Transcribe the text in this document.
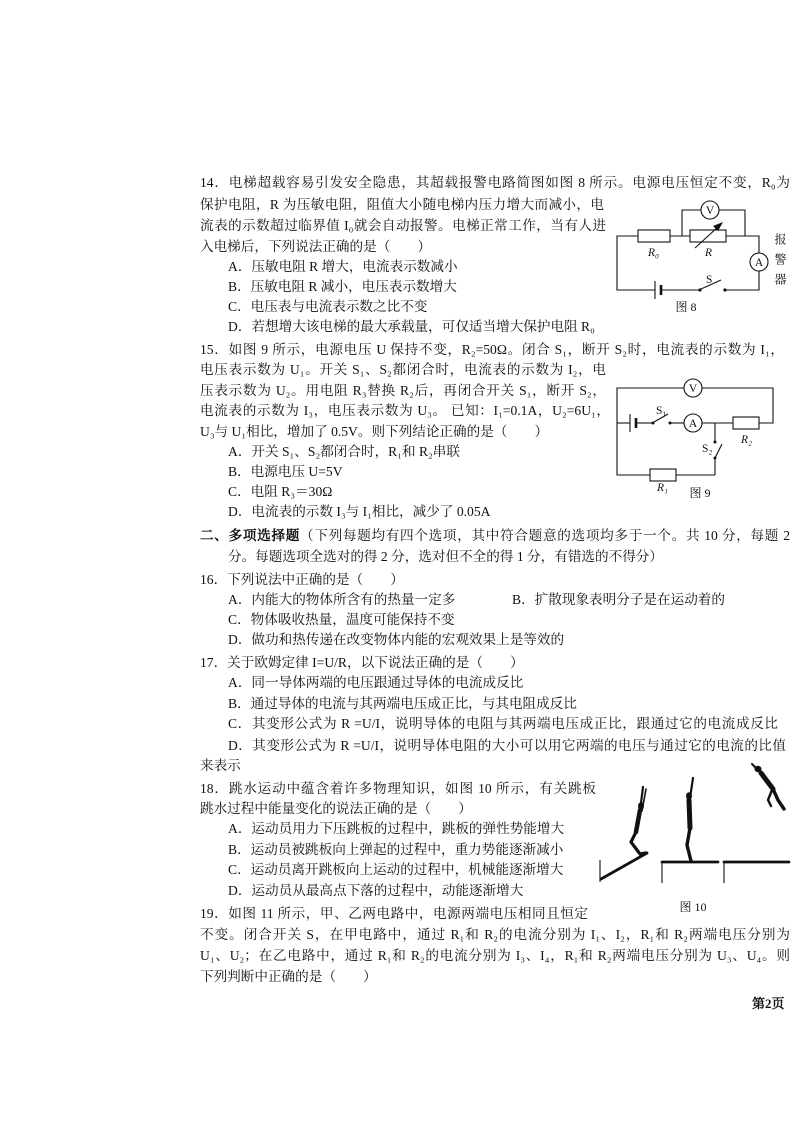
14．电梯超载容易引发安全隐患，其超载报警电路简图如图 8 所示。电源电压恒定不变，R₀为
保护电阻，R 为压敏电阻，阻值大小随电梯内压力增大而减小，电
流表的示数超过临界值 I₀就会自动报警。电梯正常工作，当有人进
入电梯后，下列说法正确的是（　　）
A．压敏电阻 R 增大，电流表示数减小
B．压敏电阻 R 减小，电压表示数增大
C．电压表与电流表示数之比不变
D．若想增大该电梯的最大承载量，可仅适当增大保护电阻 R₀
15．如图 9 所示，电源电压 U 保持不变，R₂=50Ω。闭合 S₁，断开 S₂时，电流表的示数为 I₁，
电压表示数为 U₁。开关 S₁、S₂都闭合时，电流表的示数为 I₂，电
压表示数为 U₂。用电阻 R₃替换 R₂后，再闭合开关 S₁，断开 S₂，
电流表的示数为 I₃，电压表示数为 U₃。 已知：I₁=0.1A，U₂=6U₁，
U₃与 U₁相比，增加了 0.5V。则下列结论正确的是（　　）
A．开关 S₁、S₂都闭合时，R₁和 R₂串联
B．电源电压 U=5V
C．电阻 R₃＝30Ω
D．电流表的示数 I₃与 I₁相比，减少了 0.05A
二、多项选择题（下列每题均有四个选项，其中符合题意的选项均多于一个。共 10 分，每题 2
分。每题选项全选对的得 2 分，选对但不全的得 1 分，有错选的不得分）
16．下列说法中正确的是（　　）
A．内能大的物体所含有的热量一定多	B．扩散现象表明分子是在运动着的
C．物体吸收热量，温度可能保持不变
D．做功和热传递在改变物体内能的宏观效果上是等效的
17．关于欧姆定律 I=U/R，以下说法正确的是（　　）
A．同一导体两端的电压跟通过导体的电流成反比
B．通过导体的电流与其两端电压成正比，与其电阻成反比
C．其变形公式为 R =U/I，说明导体的电阻与其两端电压成正比，跟通过它的电流成反比
D．其变形公式为 R =U/I，说明导体电阻的大小可以用它两端的电压与通过它的电流的比值
来表示
18．跳水运动中蕴含着许多物理知识，如图 10 所示，有关跳板
跳水过程中能量变化的说法正确的是（　　）
A．运动员用力下压跳板的过程中，跳板的弹性势能增大
B．运动员被跳板向上弹起的过程中，重力势能逐渐减小
C．运动员离开跳板向上运动的过程中，机械能逐渐增大
D．运动员从最高点下落的过程中，动能逐渐增大
19．如图 11 所示，甲、乙两电路中，电源两端电压相同且恒定
不变。闭合开关 S，在甲电路中，通过 R₁和 R₂的电流分别为 I₁、I₂，R₁和 R₂两端电压分别为
U₁、U₂；在乙电路中，通过 R₁和 R₂的电流分别为 I₃、I₄，R₁和 R₂两端电压分别为 U₃、U₄。则
下列判断中正确的是（　　）
V
A
R₀	R
S
图 8
V
A
S₁
R₂
S₂
R₁ 图 9
图 10
报警器
第2页
